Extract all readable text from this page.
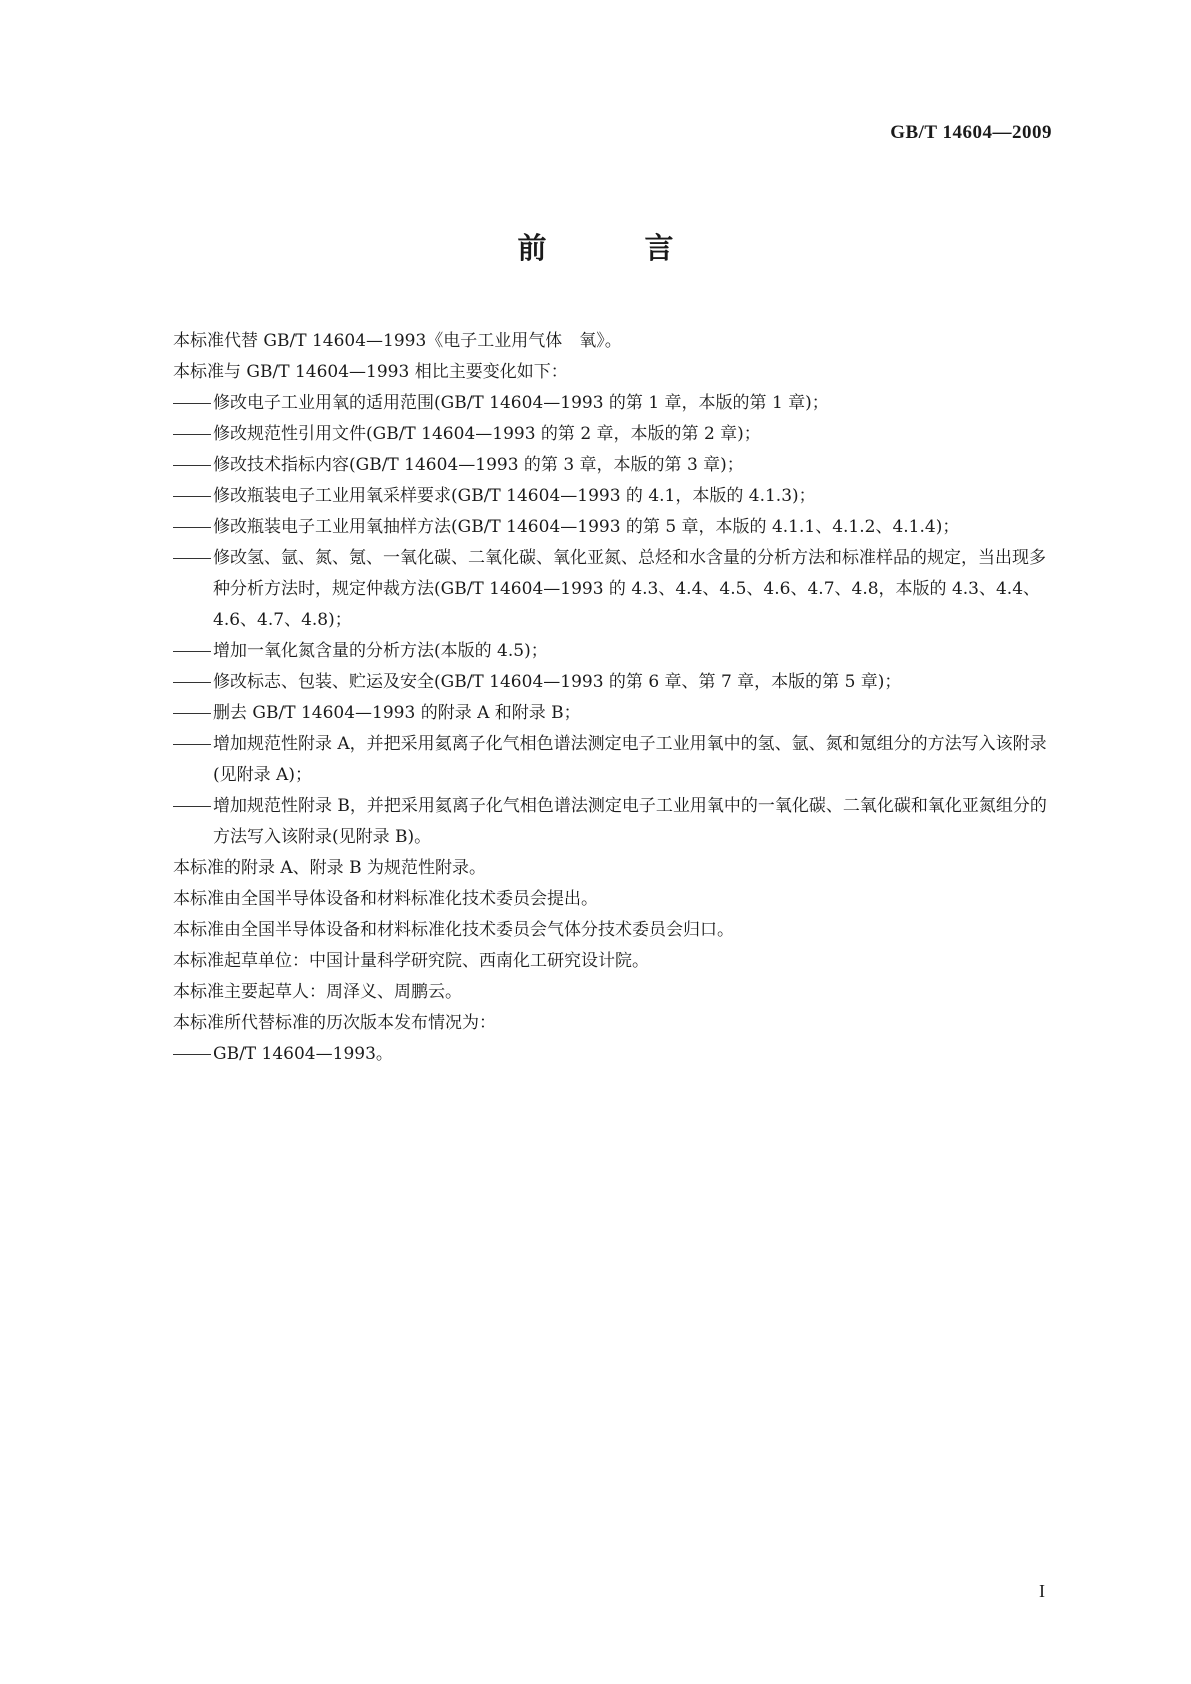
GB/T 14604—2009
前 言

本标准代替 GB/T 14604—1993《电子工业用气体　氧》。

本标准与 GB/T 14604—1993 相比主要变化如下：

修改电子工业用氧的适用范围(GB/T 14604—1993 的第 1 章，本版的第 1 章)；
修改规范性引用文件(GB/T 14604—1993 的第 2 章，本版的第 2 章)；
修改技术指标内容(GB/T 14604—1993 的第 3 章，本版的第 3 章)；
修改瓶装电子工业用氧采样要求(GB/T 14604—1993 的 4.1，本版的 4.1.3)；
修改瓶装电子工业用氧抽样方法(GB/T 14604—1993 的第 5 章，本版的 4.1.1、4.1.2、4.1.4)；
修改氢、氩、氮、氪、一氧化碳、二氧化碳、氧化亚氮、总烃和水含量的分析方法和标准样品的规定，当出现多种分析方法时，规定仲裁方法(GB/T 14604—1993 的 4.3、4.4、4.5、4.6、4.7、4.8，本版的 4.3、4.4、4.6、4.7、4.8)；
增加一氧化氮含量的分析方法(本版的 4.5)；
修改标志、包装、贮运及安全(GB/T 14604—1993 的第 6 章、第 7 章，本版的第 5 章)；
删去 GB/T 14604—1993 的附录 A 和附录 B；
增加规范性附录 A，并把采用氦离子化气相色谱法测定电子工业用氧中的氢、氩、氮和氪组分的方法写入该附录(见附录 A)；
增加规范性附录 B，并把采用氦离子化气相色谱法测定电子工业用氧中的一氧化碳、二氧化碳和氧化亚氮组分的方法写入该附录(见附录 B)。

本标准的附录 A、附录 B 为规范性附录。

本标准由全国半导体设备和材料标准化技术委员会提出。

本标准由全国半导体设备和材料标准化技术委员会气体分技术委员会归口。

本标准起草单位：中国计量科学研究院、西南化工研究设计院。

本标准主要起草人：周泽义、周鹏云。

本标准所代替标准的历次版本发布情况为：

GB/T 14604—1993。
I
